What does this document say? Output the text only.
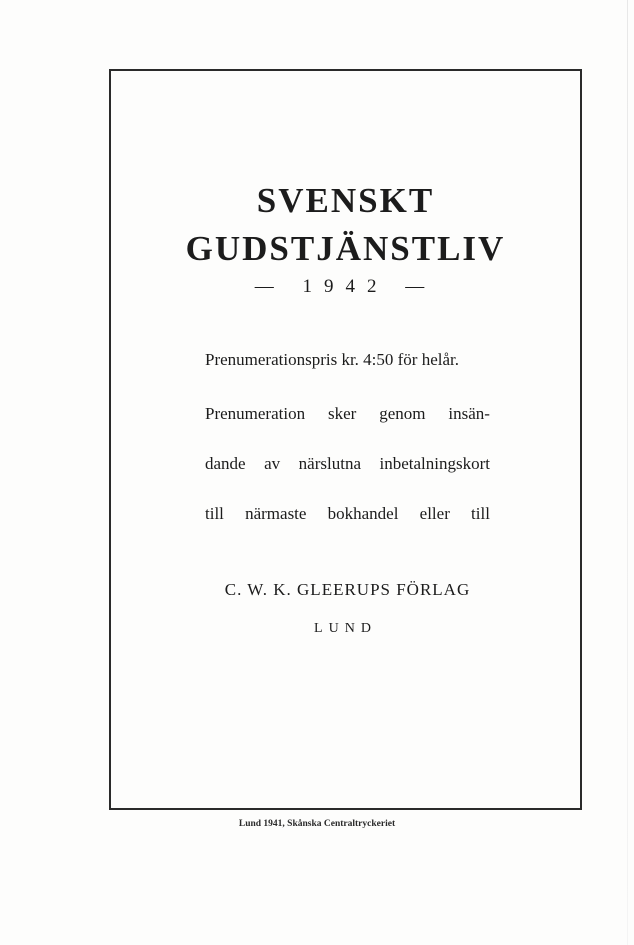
SVENSKT
GUDSTJÄNSTLIV
— 1942 —
Prenumerationspris kr. 4:50 för helår.
Prenumeration sker genom insän-
dande av närslutna inbetalningskort
till närmaste bokhandel eller till
C. W. K. GLEERUPS FÖRLAG
LUND
Lund 1941, Skånska Centraltryckeriet
